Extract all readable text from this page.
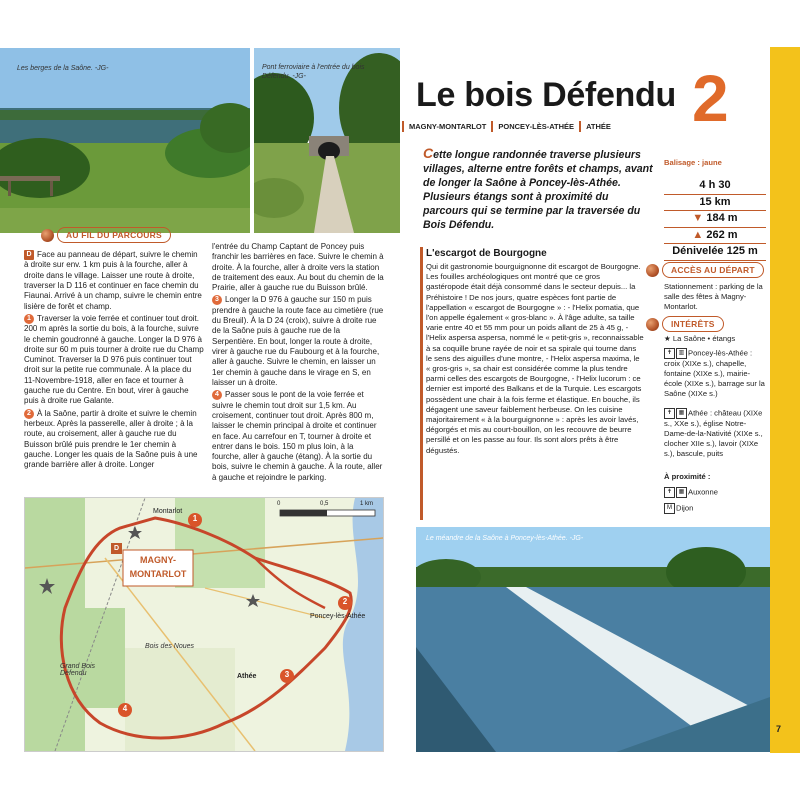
Les berges de la Saône. -JG-	Pont ferroviaire à l'entrée du bois Défendu. -JG-
AU FIL DU PARCOURS

D Face au panneau de départ, suivre le chemin à droite sur env. 1 km puis à la fourche, aller à droite dans le village. Laisser une route à droite, traverser la D 116 et continuer en face chemin du Fiaunai. Arrivé à un champ, suivre le chemin entre lisière de forêt et champ.

1 Traverser la voie ferrée et continuer tout droit. 200 m après la sortie du bois, à la fourche, suivre le chemin goudronné à gauche. Longer la D 976 à droite sur 60 m puis tourner à droite rue du Champ Cuminot. Traverser la D 976 puis continuer tout droit sur la petite rue communale. À la place du 11-Novembre-1918, aller en face et tourner à gauche rue du Centre. En bout, virer à gauche puis à droite rue Galante.

2 À la Saône, partir à droite et suivre le chemin herbeux. Après la passerelle, aller à droite ; à la route, au croisement, aller à gauche rue du Buisson brûlé puis prendre le 1er chemin à gauche. Longer les quais de la Saône puis à une grande barrière aller à droite. Longer

l'entrée du Champ Captant de Poncey puis franchir les barrières en face. Suivre le chemin à droite. À la fourche, aller à droite vers la station de traitement des eaux. Au bout du chemin de la Prairie, aller à gauche rue du Buisson brûlé.

3 Longer la D 976 à gauche sur 150 m puis prendre à gauche la route face au cimetière (rue du Breuil). À la D 24 (croix), suivre à droite rue de la Saône puis à gauche rue de la Serpentière. En bout, longer la route à droite, virer à gauche rue du Faubourg et à la fourche, aller à gauche. Suivre le chemin, en laisser un 1er chemin à gauche dans le virage en S, en laisser un à droite.

4 Passer sous le pont de la voie ferrée et suivre le chemin tout droit sur 1,5 km. Au croisement, continuer tout droit. Après 800 m, laisser le chemin principal à droite et continuer en face. Au carrefour en T, tourner à droite et entrer dans le bois. 150 m plus loin, à la fourche, aller à gauche (étang). À la sortie du bois, suivre le chemin à gauche. À la route, aller à gauche et rejoindre le parking.

Montarlot
D
MAGNY-MONTARLOT
Poncey-lès-Athée
Bois des Noues
Grand Bois Défendu	Athée
1
2
3
4
0	0,5	1 km
Le bois Défendu 2
MAGNY-MONTARLOT	PONCEY-LÈS-ATHÉE	ATHÉE
Cette longue randonnée traverse plusieurs villages, alterne entre forêts et champs, avant de longer la Saône à Poncey-lès-Athée. Plusieurs étangs sont à proximité du parcours qui se termine par la traversée du Bois Défendu.
L'escargot de Bourgogne

Qui dit gastronomie bourguignonne dit escargot de Bourgogne. Les fouilles archéologiques ont montré que ce gros gastéropode était déjà consommé dans le secteur depuis... la Préhistoire ! De nos jours, quatre espèces font partie de l'appellation « escargot de Bourgogne » : - l'Helix pomatia, que l'on appelle également « gros-blanc ». À l'âge adulte, sa taille varie entre 40 et 55 mm pour un poids allant de 25 à 45 g, - l'Helix aspersa aspersa, nommé le « petit-gris », reconnaissable à sa coquille brune rayée de noir et sa spirale qui tourne dans le sens des aiguilles d'une montre, - l'Helix aspersa maxima, le « gros-gris », sa chair est considérée comme la plus tendre parmi celles des escargots de Bourgogne, - l'Helix lucorum : ce dernier est importé des Balkans et de la Turquie. Les escargots possèdent une chair à la fois ferme et élastique. En bouche, ils dégagent une saveur faiblement herbeuse. On les cuisine majoritairement « à la bourguignonne » : après les avoir lavés, dégorgés et mis au court-bouillon, on les recouvre de beurre persillé et on les passe au four. Ils sont alors prêts à être dégustés.

Balisage : jaune
4 h 30
15 km
▼ 184 m
▲ 262 m
Dénivelée 125 m
ACCÈS AU DÉPART
Stationnement : parking de la salle des fêtes à Magny-Montarlot.
INTÉRÊTS
★ La Saône • étangs
✝ ▥ Poncey-lès-Athée : croix (XIXe s.), chapelle, fontaine (XIXe s.), mairie-école (XIXe s.), barrage sur la Saône (XIXe s.)
✝ ▦ Athée : château (XIXe s., XXe s.), église Notre-Dame-de-la-Nativité (XIXe s., clocher XIIe s.), lavoir (XIXe s.), bascule, puits
À proximité :
✝ ▦ Auxonne
M Dijon
Le méandre de la Saône à Poncey-lès-Athée. -JG-
7
